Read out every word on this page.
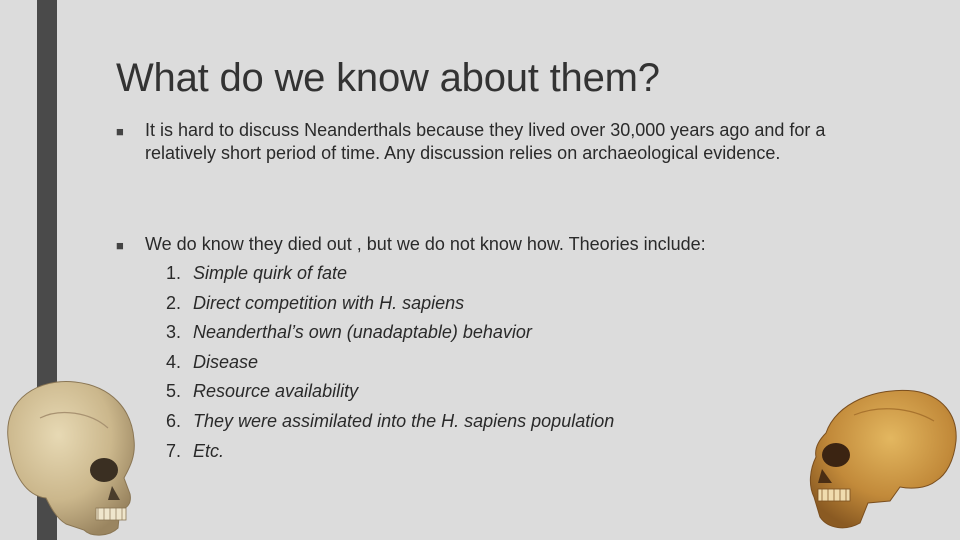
What do we know about them?
■ It is hard to discuss Neanderthals because they lived over 30,000 years ago and for a relatively short period of time. Any discussion relies on archaeological evidence.
■ We do know they died out , but we do not know how. Theories include:
1. Simple quirk of fate
2. Direct competition with H. sapiens
3. Neanderthal’s own (unadaptable) behavior
4. Disease
5. Resource availability
6. They were assimilated into the H. sapiens population
7. Etc.
